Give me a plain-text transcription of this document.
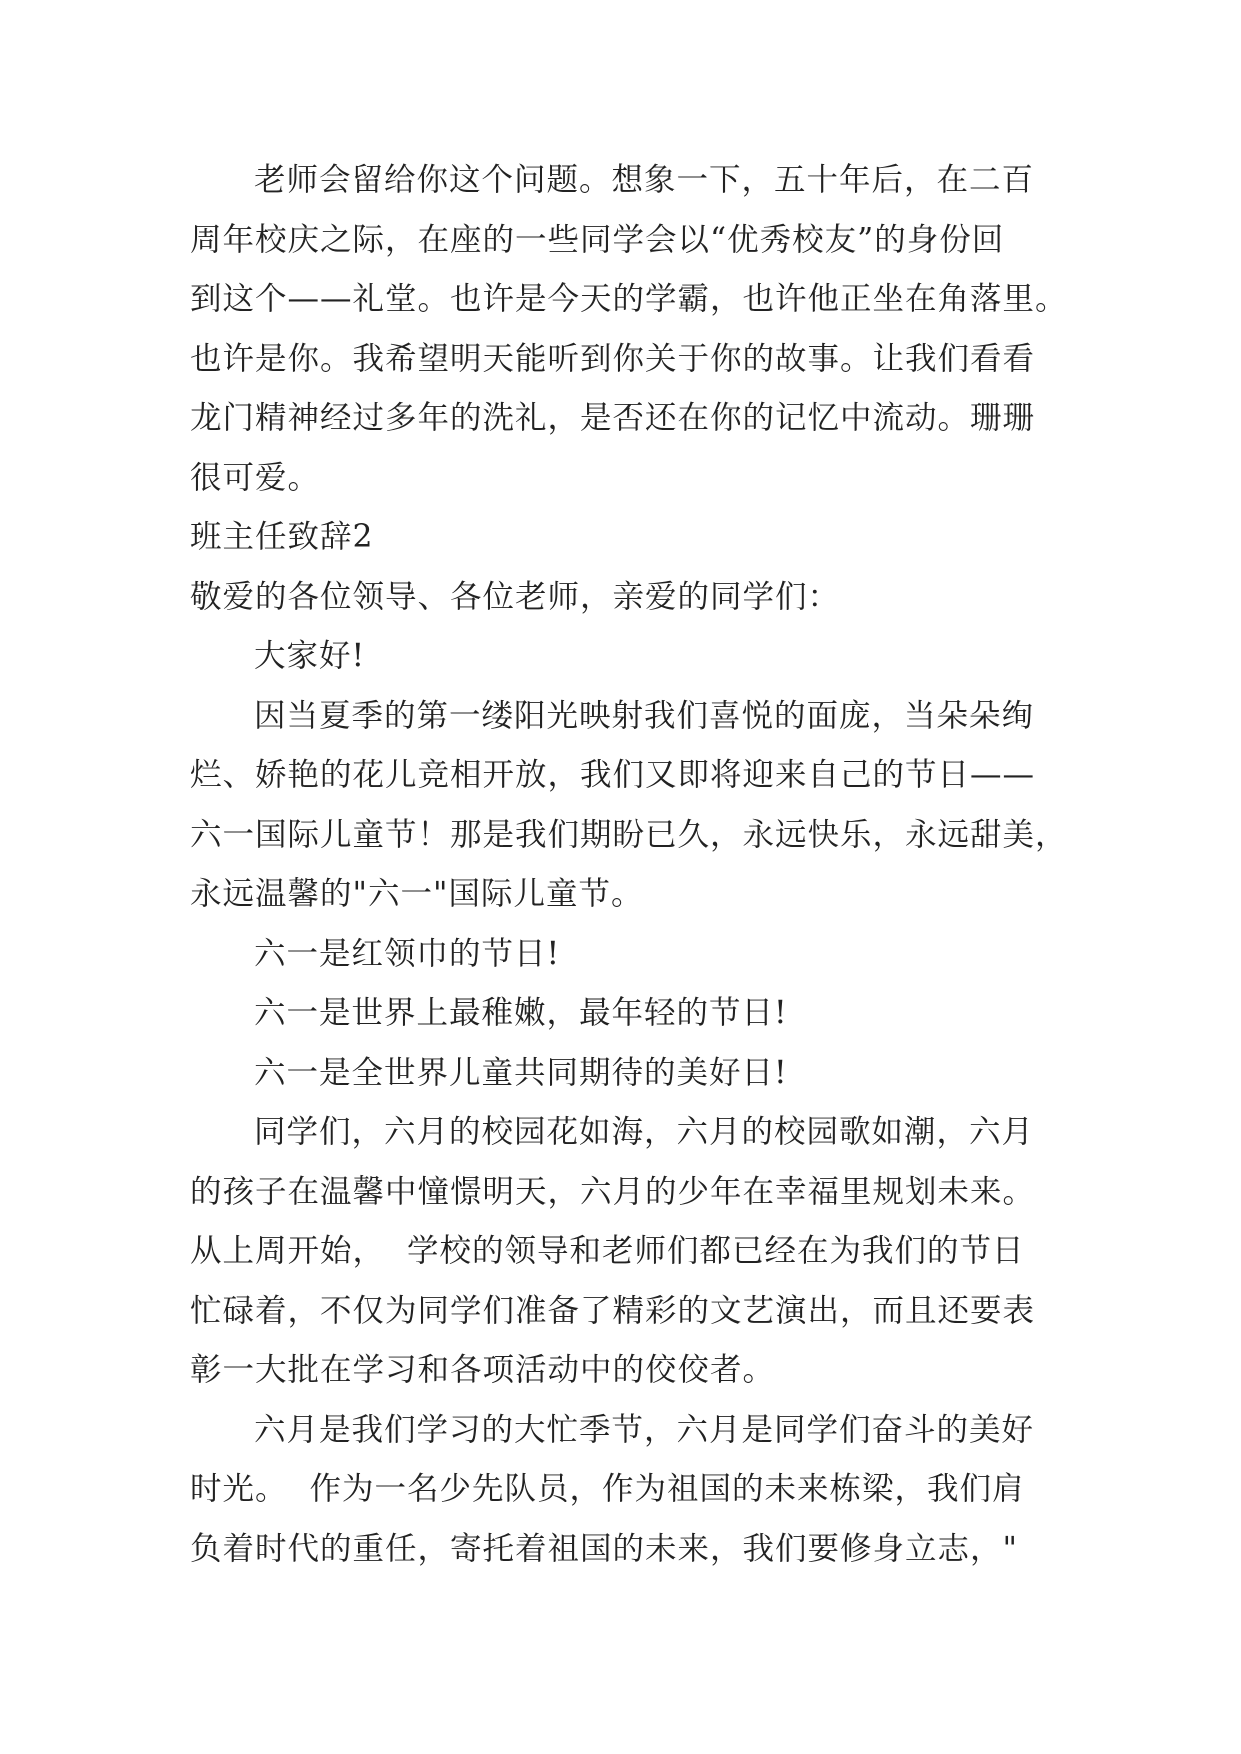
老师会留给你这个问题。想象一下，五十年后，在二百
周年校庆之际，在座的一些同学会以“优秀校友”的身份回
到这个——礼堂。也许是今天的学霸，也许他正坐在角落里。
也许是你。我希望明天能听到你关于你的故事。让我们看看
龙门精神经过多年的洗礼，是否还在你的记忆中流动。珊珊
很可爱。
班主任致辞2
敬爱的各位领导、各位老师，亲爱的同学们：
大家好!
因当夏季的第一缕阳光映射我们喜悦的面庞，当朵朵绚
烂、娇艳的花儿竞相开放，我们又即将迎来自己的节日——
六一国际儿童节！那是我们期盼已久，永远快乐，永远甜美，
永远温馨的"六一"国际儿童节。
六一是红领巾的节日!
六一是世界上最稚嫩，最年轻的节日!
六一是全世界儿童共同期待的美好日!
同学们，六月的校园花如海，六月的校园歌如潮，六月
的孩子在温馨中憧憬明天，六月的少年在幸福里规划未来。
从上周开始，  学校的领导和老师们都已经在为我们的节日
忙碌着，不仅为同学们准备了精彩的文艺演出，而且还要表
彰一大批在学习和各项活动中的佼佼者。
六月是我们学习的大忙季节，六月是同学们奋斗的美好
时光。  作为一名少先队员，作为祖国的未来栋梁，我们肩
负着时代的重任，寄托着祖国的未来，我们要修身立志，"
